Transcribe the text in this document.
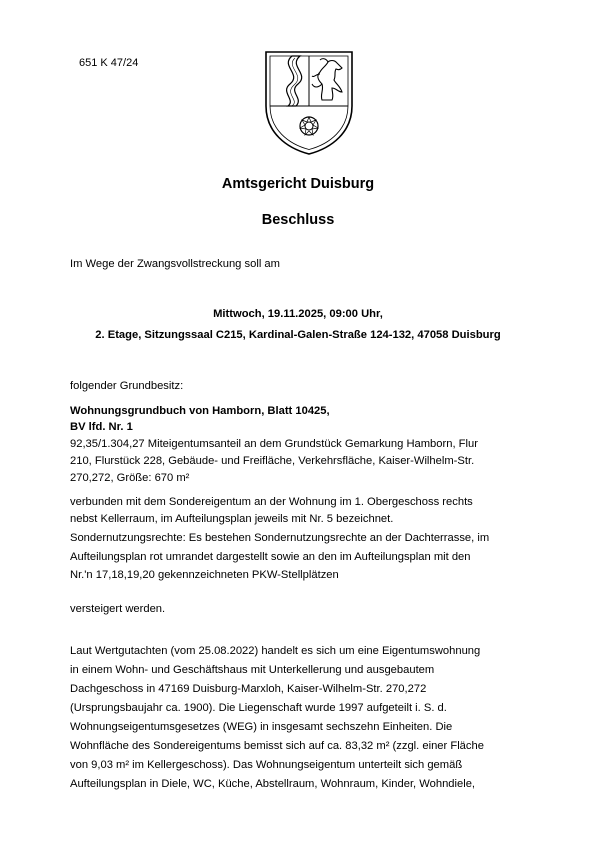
651 K 47/24
Amtsgericht Duisburg
Beschluss
Im Wege der Zwangsvollstreckung soll am
Mittwoch, 19.11.2025, 09:00 Uhr,
2. Etage, Sitzungssaal C215, Kardinal-Galen-Straße 124-132, 47058 Duisburg
folgender Grundbesitz:
Wohnungsgrundbuch von Hamborn, Blatt 10425,
BV lfd. Nr. 1
92,35/1.304,27 Miteigentumsanteil an dem Grundstück Gemarkung Hamborn, Flur
210, Flurstück 228, Gebäude- und Freifläche, Verkehrsfläche, Kaiser-Wilhelm-Str.
270,272, Größe: 670 m²
verbunden mit dem Sondereigentum an der Wohnung im 1. Obergeschoss rechts
nebst Kellerraum, im Aufteilungsplan jeweils mit Nr. 5 bezeichnet.
Sondernutzungsrechte: Es bestehen Sondernutzungsrechte an der Dachterrasse, im
Aufteilungsplan rot umrandet dargestellt sowie an den im Aufteilungsplan mit den
Nr.'n 17,18,19,20 gekennzeichneten PKW-Stellplätzen
versteigert werden.
Laut Wertgutachten (vom 25.08.2022) handelt es sich um eine Eigentumswohnung
in einem Wohn- und Geschäftshaus mit Unterkellerung und ausgebautem
Dachgeschoss in 47169 Duisburg-Marxloh, Kaiser-Wilhelm-Str. 270,272
(Ursprungsbaujahr ca. 1900). Die Liegenschaft wurde 1997 aufgeteilt i. S. d.
Wohnungseigentumsgesetzes (WEG) in insgesamt sechszehn Einheiten. Die
Wohnfläche des Sondereigentums bemisst sich auf ca. 83,32 m² (zzgl. einer Fläche
von 9,03 m² im Kellergeschoss). Das Wohnungseigentum unterteilt sich gemäß
Aufteilungsplan in Diele, WC, Küche, Abstellraum, Wohnraum, Kinder, Wohndiele,
